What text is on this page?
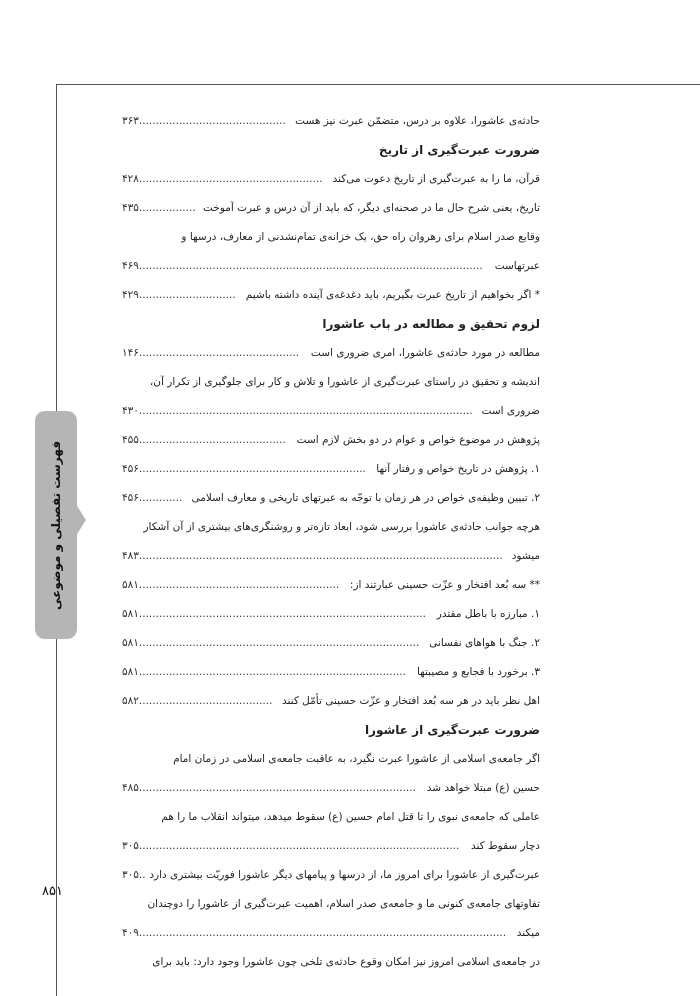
فهرست تفصیلی و موضوعی
۸۵۱
حادثه‌ی عاشورا، علاوه بر درس، متضمّن عبرت نیز هست
۳۶۳............................................
ضرورت عبرت‌گیری از تاریخ
قرآن، ما را به عبرت‌گیری از تاریخ دعوت می‌کند
۴۲۸.......................................................
تاریخ، یعنی شرح حال ما در صحنه‌ای دیگر، که باید از آن درس و عبرت آموخت
۴۳۵.................
وقایع صدر اسلام برای رهروان راه حق، یک خزانه‌ی تمام‌نشدنی از معارف، درسها و
عبرتهاست
۴۶۹.......................................................................................................
* اگر بخواهیم از تاریخ عبرت بگیریم، باید دغدغه‌ی آینده داشته باشیم
۴۲۹.............................
لزوم تحقیق و مطالعه در باب عاشورا
مطالعه در مورد حادثه‌ی عاشورا، امری ضروری است
۱۴۶................................................
اندیشه و تحقیق در راستای عبرت‌گیری از عاشورا و تلاش و کار برای جلوگیری از تکرار آن،
ضروری است
۴۳۰....................................................................................................
پژوهش در موضوع خواص و عوام در دو بخش لازم است
۴۵۵............................................
۱. پژوهش در تاریخ خواص و رفتار آنها
۴۵۶....................................................................
۲. تبیین وظیفه‌ی خواص در هر زمان با توجّه به عبرتهای تاریخی و معارف اسلامی
۴۵۶.............
هرچه جوانب حادثه‌ی عاشورا بررسی شود، ابعاد تازه‌تر و روشنگری‌های بیشتری از آن آشکار
میشود
۴۸۳.............................................................................................................
** سه بُعد افتخار و عزّت حسینی عبارتند از:
۵۸۱............................................................
۱. مبارزه با باطل مقتدر
۵۸۱......................................................................................
۲. جنگ با هواهای نفسانی
۵۸۱....................................................................................
۳. برخورد با فجایع و مصیبتها
۵۸۱................................................................................
اهل نظر باید در هر سه بُعد افتخار و عزّت حسینی تأمّل کنند
۵۸۲........................................
ضرورت عبرت‌گیری از عاشورا
اگر جامعه‌ی اسلامی از عاشورا عبرت نگیرد، به عاقبت جامعه‌ی اسلامی در زمان امام
حسین (ع) مبتلا خواهد شد
۴۸۵...................................................................................
عاملی که جامعه‌ی نبوی را تا قتل امام حسین (ع) سقوط میدهد، میتواند انقلاب ما را هم
دچار سقوط کند
۳۰۵................................................................................................
عبرت‌گیری از عاشورا برای امروز ما، از درسها و پیامهای دیگر عاشورا فوریّت بیشتری دارد
۳۰۵..
تفاوتهای جامعه‌ی کنونی ما و جامعه‌ی صدر اسلام، اهمیت عبرت‌گیری از عاشورا را دوچندان
میکند
۴۰۹..............................................................................................................
در جامعه‌ی اسلامی امروز نیز امکان وقوع حادثه‌ی تلخی چون عاشورا وجود دارد: باید برای
